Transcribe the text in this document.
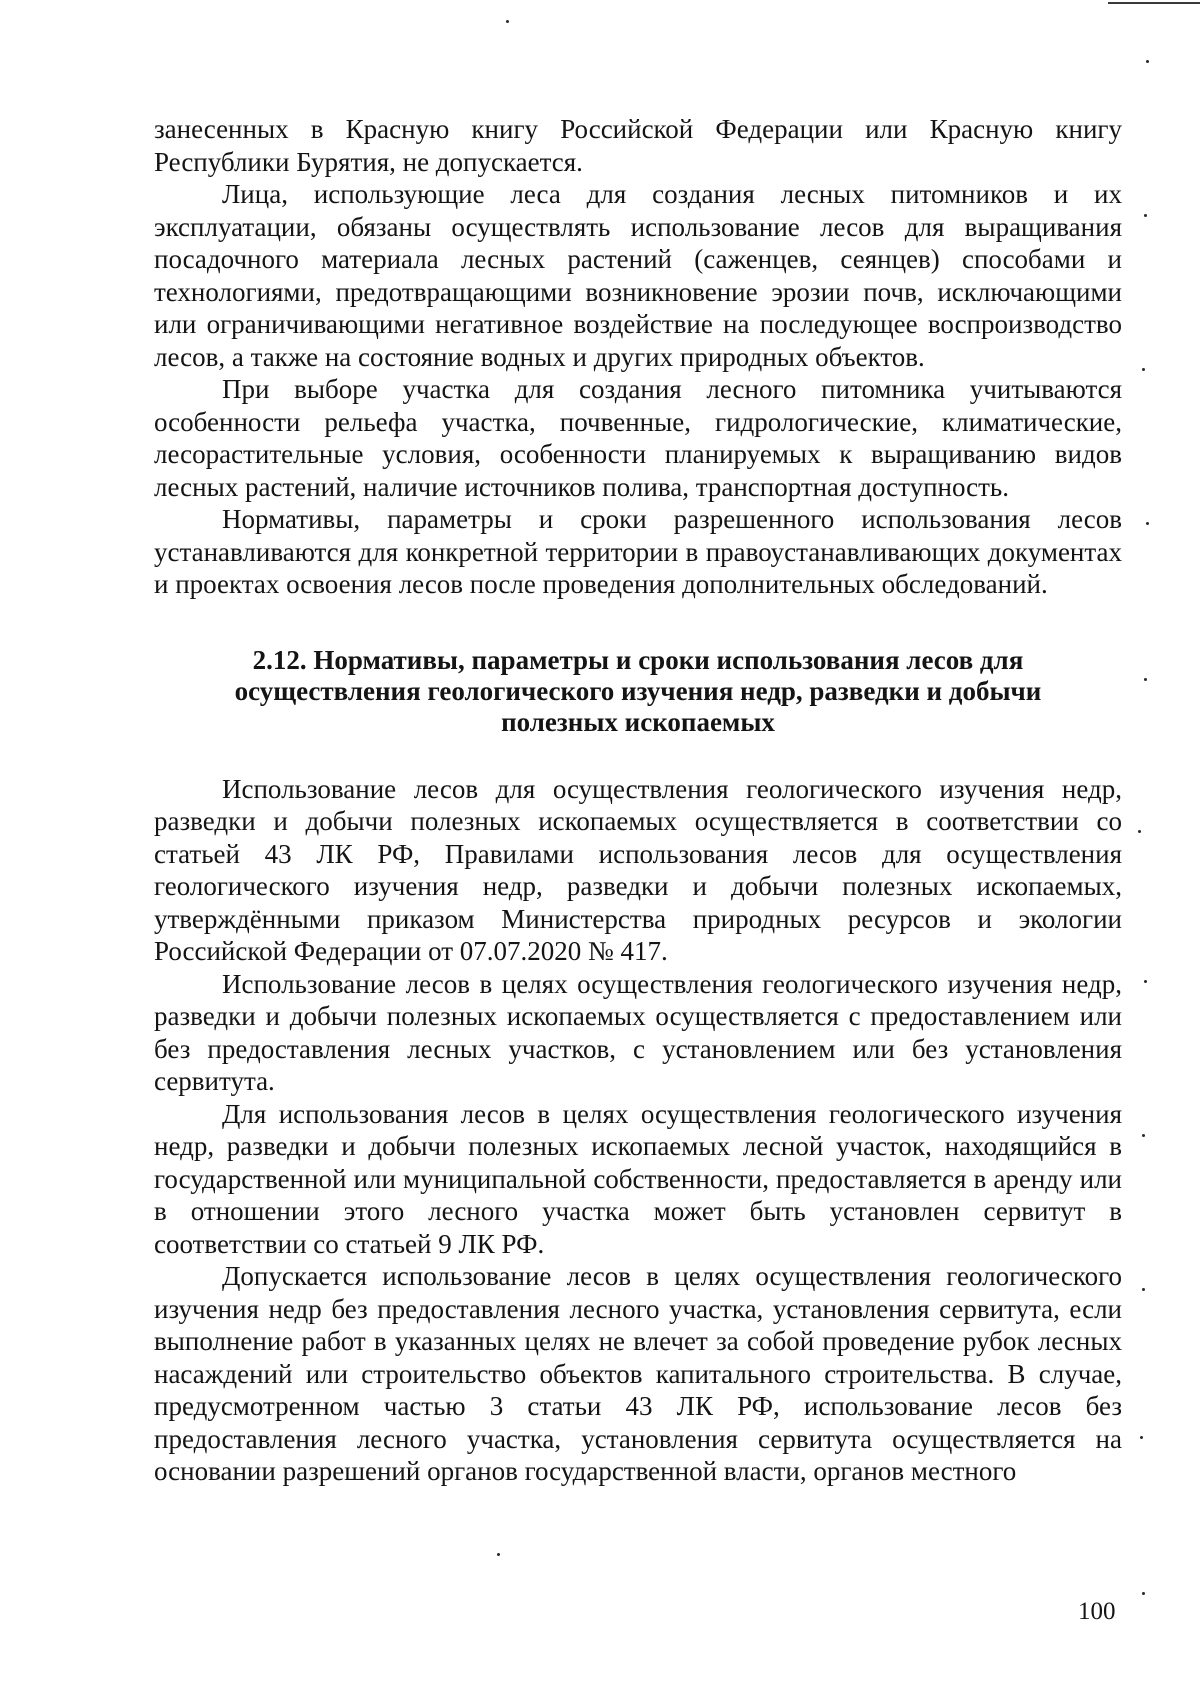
занесенных в Красную книгу Российской Федерации или Красную книгу Республики Бурятия, не допускается.

Лица, использующие леса для создания лесных питомников и их эксплуатации, обязаны осуществлять использование лесов для выращивания посадочного материала лесных растений (саженцев, сеянцев) способами и технологиями, предотвращающими возникновение эрозии почв, исключающими или ограничивающими негативное воздействие на последующее воспроизводство лесов, а также на состояние водных и других природных объектов.

При выборе участка для создания лесного питомника учитываются особенности рельефа участка, почвенные, гидрологические, климатические, лесорастительные условия, особенности планируемых к выращиванию видов лесных растений, наличие источников полива, транспортная доступность.

Нормативы, параметры и сроки разрешенного использования лесов устанавливаются для конкретной территории в правоустанавливающих документах и проектах освоения лесов после проведения дополнительных обследований.

2.12. Нормативы, параметры и сроки использования лесов для
осуществления геологического изучения недр, разведки и добычи
полезных ископаемых

Использование лесов для осуществления геологического изучения недр, разведки и добычи полезных ископаемых осуществляется в соответствии со статьей 43 ЛК РФ, Правилами использования лесов для осуществления геологического изучения недр, разведки и добычи полезных ископаемых, утверждёнными приказом Министерства природных ресурсов и экологии Российской Федерации от 07.07.2020 № 417.

Использование лесов в целях осуществления геологического изучения недр, разведки и добычи полезных ископаемых осуществляется с предоставлением или без предоставления лесных участков, с установлением или без установления сервитута.

Для использования лесов в целях осуществления геологического изучения недр, разведки и добычи полезных ископаемых лесной участок, находящийся в государственной или муниципальной собственности, предоставляется в аренду или в отношении этого лесного участка может быть установлен сервитут в соответствии со статьей 9 ЛК РФ.

Допускается использование лесов в целях осуществления геологического изучения недр без предоставления лесного участка, установления сервитута, если выполнение работ в указанных целях не влечет за собой проведение рубок лесных насаждений или строительство объектов капитального строительства. В случае, предусмотренном частью 3 статьи 43 ЛК РФ, использование лесов без предоставления лесного участка, установления сервитута осуществляется на основании разрешений органов государственной власти, органов местного

100
